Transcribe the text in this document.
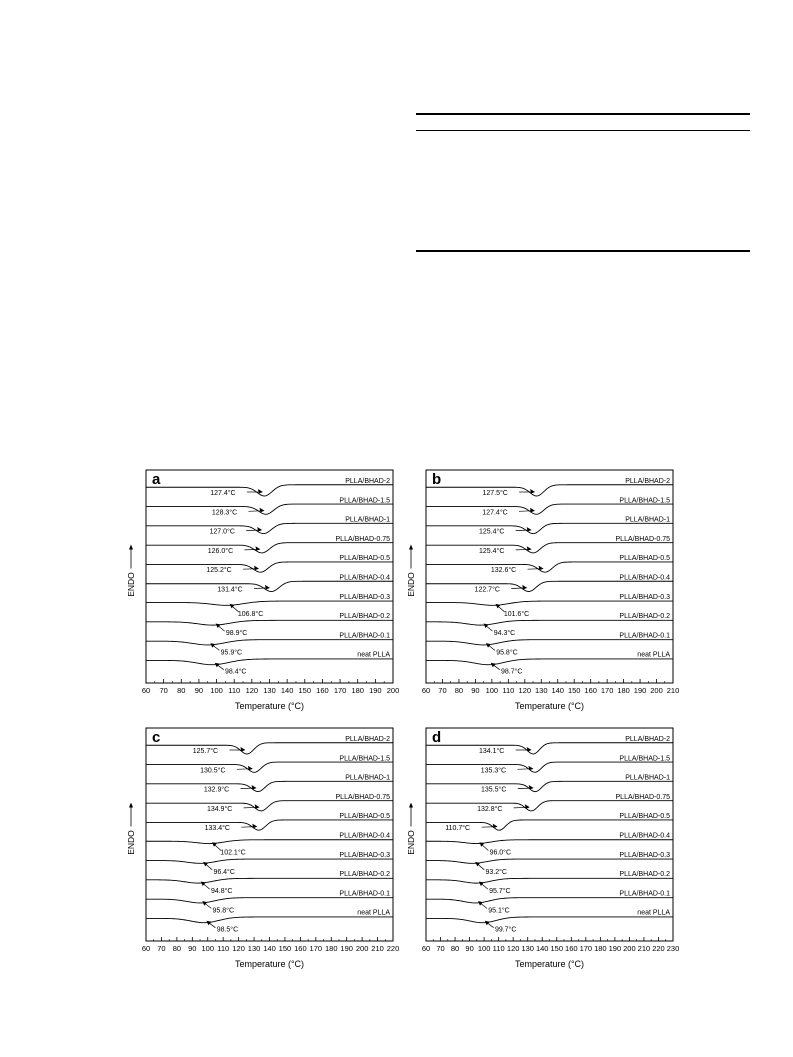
a
60 70 80 90 100 110 120 130 140 150 160 170 180 190 200
Temperature (°C)
ENDO
PLLA/BHAD-2
127.4°C
PLLA/BHAD-1.5
128.3°C
PLLA/BHAD-1
127.0°C
PLLA/BHAD-0.75
126.0°C
PLLA/BHAD-0.5
125.2°C
PLLA/BHAD-0.4
131.4°C
PLLA/BHAD-0.3
106.8°C	PLLA/BHAD-0.2
98.9°C	PLLA/BHAD-0.1
95.9°C	neat PLLA
98.4°C
b
60 70 80 90 100 110 120 130 140 150 160 170 180 190 200 210
Temperature (°C)
ENDO
PLLA/BHAD-2
127.5°C
PLLA/BHAD-1.5
127.4°C
PLLA/BHAD-1
125.4°C
PLLA/BHAD-0.75
125.4°C
PLLA/BHAD-0.5
132.6°C
PLLA/BHAD-0.4
122.7°C
PLLA/BHAD-0.3
101.6°C	PLLA/BHAD-0.2
94.3°C	PLLA/BHAD-0.1
95.8°C	neat PLLA
98.7°C
c
60 70 80 90 100 110 120 130 140 150 160 170 180 190 200 210 220
Temperature (°C)
ENDO
PLLA/BHAD-2
125.7°C
PLLA/BHAD-1.5
130.5°C
PLLA/BHAD-1
132.9°C
PLLA/BHAD-0.75
134.9°C
PLLA/BHAD-0.5
133.4°C
PLLA/BHAD-0.4
102.1°C	PLLA/BHAD-0.3
96.4°C	PLLA/BHAD-0.2
94.8°C	PLLA/BHAD-0.1
95.8°C	neat PLLA
98.5°C
d
60 70 80 90 100 110 120 130 140 150 160 170 180 190 200 210 220 230
Temperature (°C)
ENDO
PLLA/BHAD-2
134.1°C
PLLA/BHAD-1.5
135.3°C
PLLA/BHAD-1
135.5°C
PLLA/BHAD-0.75
132.8°C
PLLA/BHAD-0.5
110.7°C
PLLA/BHAD-0.4
96.0°C	PLLA/BHAD-0.3
93.2°C	PLLA/BHAD-0.2
95.7°C	PLLA/BHAD-0.1
95.1°C	neat PLLA
99.7°C
